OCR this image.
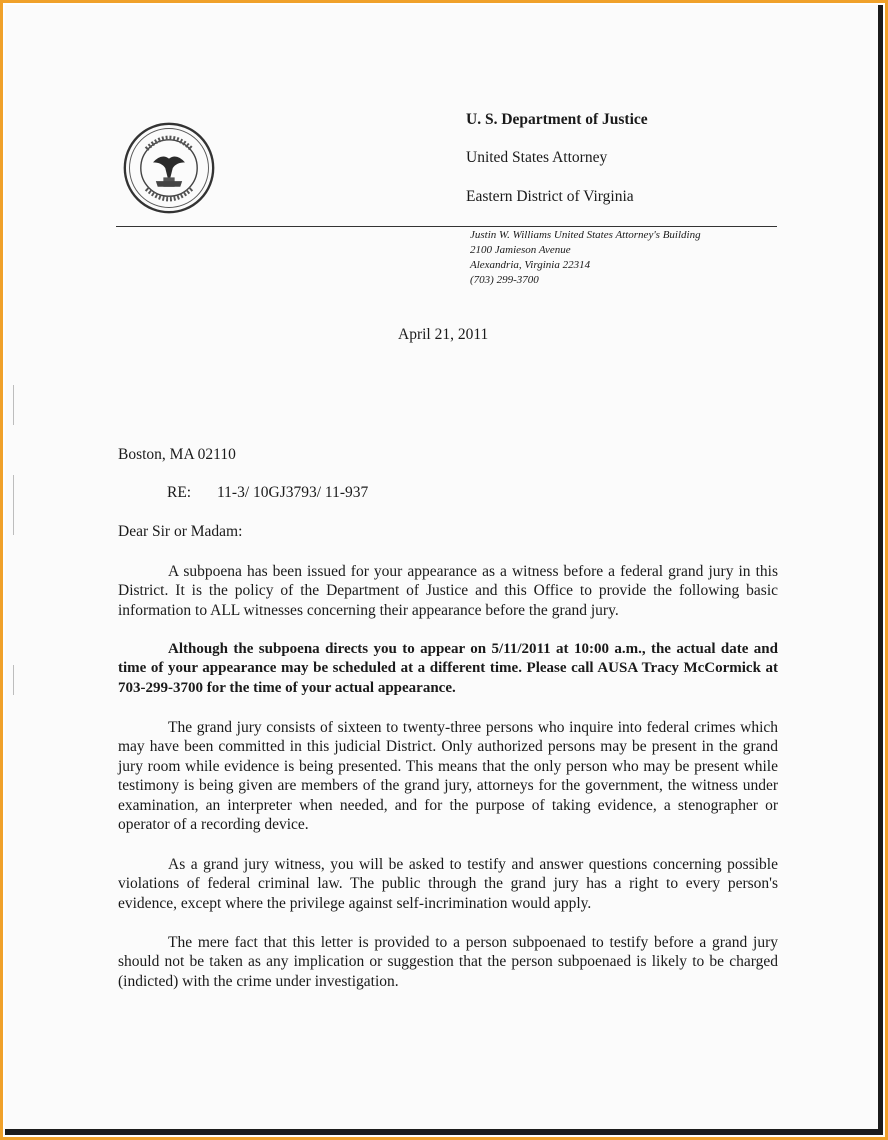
U. S. Department of Justice
United States Attorney
Eastern District of Virginia
Justin W. Williams United States Attorney's Building
2100 Jamieson Avenue
Alexandria, Virginia 22314
(703) 299-3700
April 21, 2011
Boston, MA 02110
RE: 11-3/ 10GJ3793/ 11-937
Dear Sir or Madam:
A subpoena has been issued for your appearance as a witness before a federal grand jury in this District. It is the policy of the Department of Justice and this Office to provide the following basic information to ALL witnesses concerning their appearance before the grand jury.
Although the subpoena directs you to appear on 5/11/2011 at 10:00 a.m., the actual date and time of your appearance may be scheduled at a different time. Please call AUSA Tracy McCormick at 703-299-3700 for the time of your actual appearance.
The grand jury consists of sixteen to twenty-three persons who inquire into federal crimes which may have been committed in this judicial District. Only authorized persons may be present in the grand jury room while evidence is being presented. This means that the only person who may be present while testimony is being given are members of the grand jury, attorneys for the government, the witness under examination, an interpreter when needed, and for the purpose of taking evidence, a stenographer or operator of a recording device.
As a grand jury witness, you will be asked to testify and answer questions concerning possible violations of federal criminal law. The public through the grand jury has a right to every person's evidence, except where the privilege against self-incrimination would apply.
The mere fact that this letter is provided to a person subpoenaed to testify before a grand jury should not be taken as any implication or suggestion that the person subpoenaed is likely to be charged (indicted) with the crime under investigation.
